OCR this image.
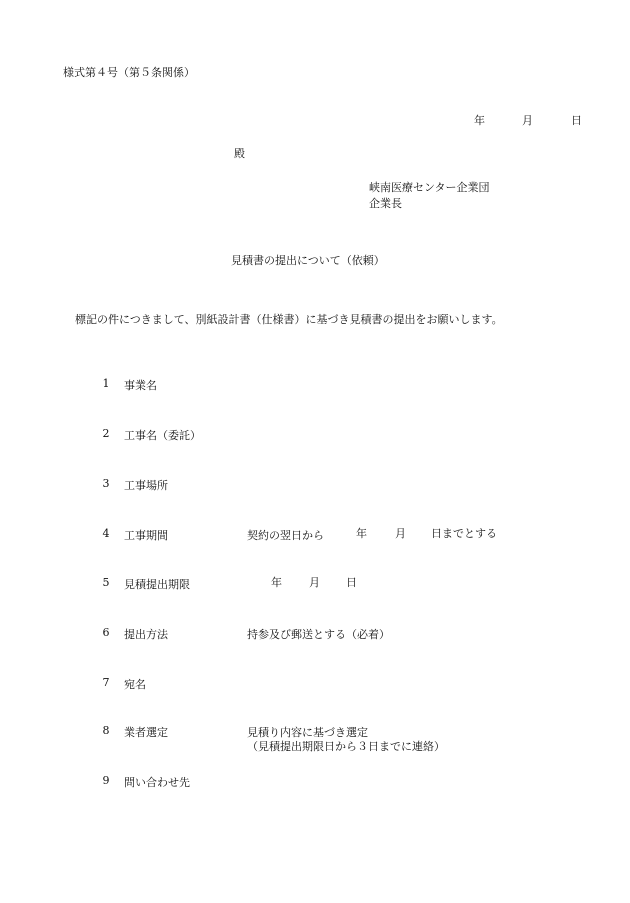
様式第４号（第５条関係）
年	月	日
殿
峡南医療センター企業団
企業長
見積書の提出について（依頼）
標記の件につきまして、別紙設計書（仕様書）に基づき見積書の提出をお願いします。
1 事業名
2 工事名（委託）
3 工事場所
4 工事期間	契約の翌日から	年	月 日までとする
5 見積提出期限	年 月 日
6 提出方法	持参及び郵送とする（必着）
7 宛名
8 業者選定	見積り内容に基づき選定
（見積提出期限日から３日までに連絡）
9 問い合わせ先
